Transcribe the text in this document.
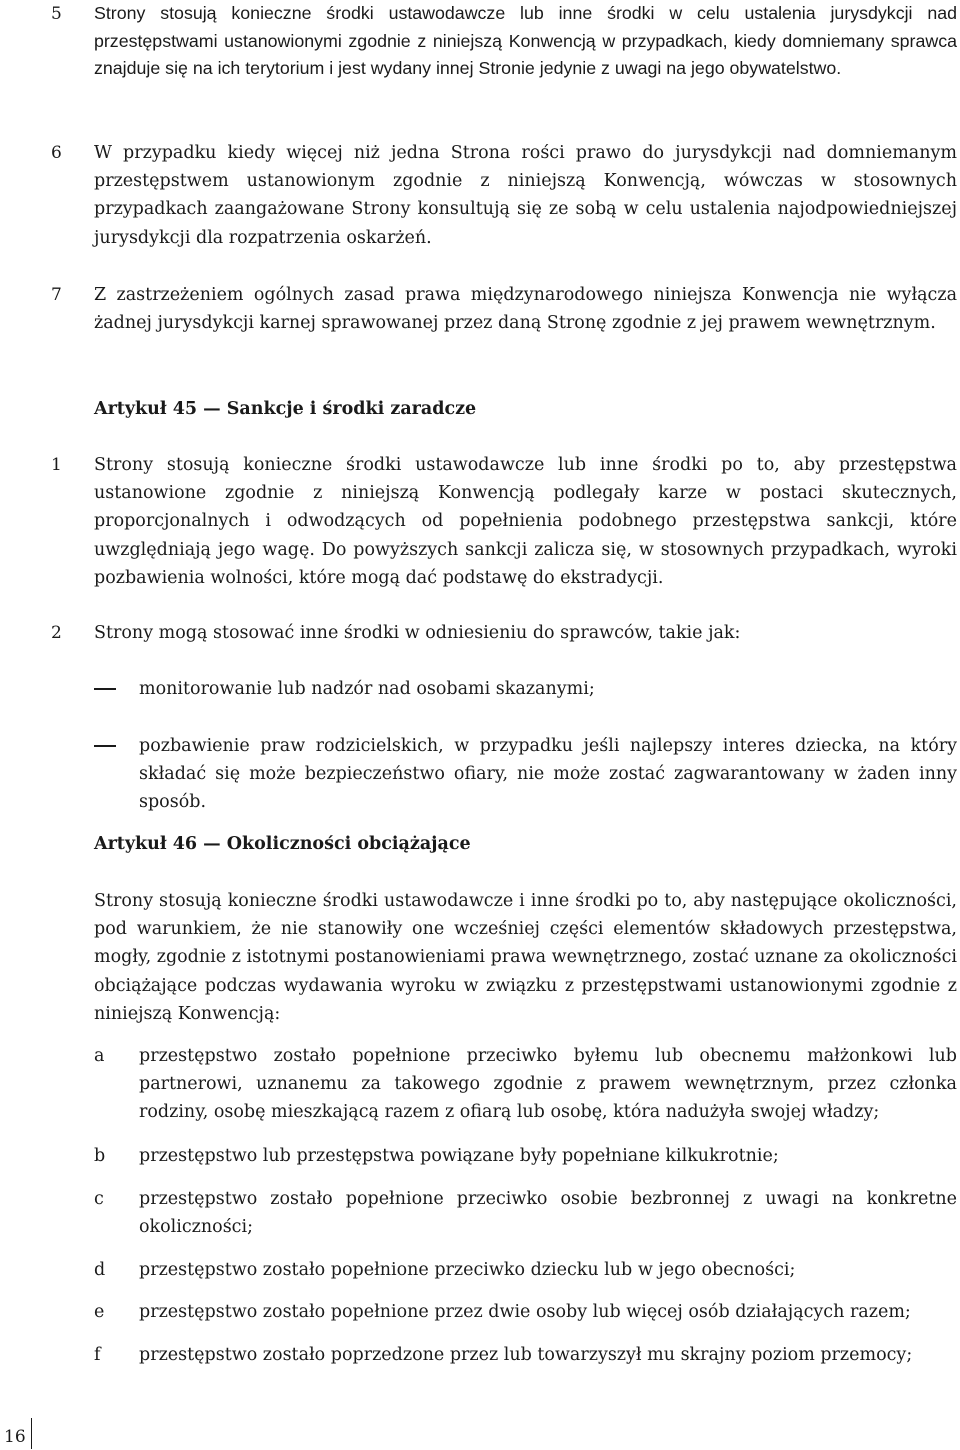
5 Strony stosują konieczne środki ustawodawcze lub inne środki w celu ustalenia jurysdykcji nad przestępstwami ustanowionymi zgodnie z niniejszą Konwencją w przypadkach, kiedy domniemany sprawca znajduje się na ich terytorium i jest wydany innej Stronie jedynie z uwagi na jego obywatelstwo.
6 W przypadku kiedy więcej niż jedna Strona rości prawo do jurysdykcji nad domniemanym przestępstwem ustanowionym zgodnie z niniejszą Konwencją, wówczas w stosownych przypadkach zaangażowane Strony konsultują się ze sobą w celu ustalenia najodpowiedniejszej jurysdykcji dla rozpatrzenia oskarżeń.
7 Z zastrzeżeniem ogólnych zasad prawa międzynarodowego niniejsza Konwencja nie wyłącza żadnej jurysdykcji karnej sprawowanej przez daną Stronę zgodnie z jej prawem wewnętrznym.
Artykuł 45 — Sankcje i środki zaradcze
1 Strony stosują konieczne środki ustawodawcze lub inne środki po to, aby przestępstwa ustanowione zgodnie z niniejszą Konwencją podlegały karze w postaci skutecznych, proporcjonalnych i odwodzących od popełnienia podobnego przestępstwa sankcji, które uwzględniają jego wagę. Do powyższych sankcji zalicza się, w stosownych przypadkach, wyroki pozbawienia wolności, które mogą dać podstawę do ekstradycji.
2 Strony mogą stosować inne środki w odniesieniu do sprawców, takie jak:
monitorowanie lub nadzór nad osobami skazanymi;
pozbawienie praw rodzicielskich, w przypadku jeśli najlepszy interes dziecka, na który składać się może bezpieczeństwo ofiary, nie może zostać zagwarantowany w żaden inny sposób.
Artykuł 46 — Okoliczności obciążające
Strony stosują konieczne środki ustawodawcze i inne środki po to, aby następujące okoliczności, pod warunkiem, że nie stanowiły one wcześniej części elementów składowych przestępstwa, mogły, zgodnie z istotnymi postanowieniami prawa wewnętrznego, zostać uznane za okoliczności obciążające podczas wydawania wyroku w związku z przestępstwami ustanowionymi zgodnie z niniejszą Konwencją:
a przestępstwo zostało popełnione przeciwko byłemu lub obecnemu małżonkowi lub partnerowi, uznanemu za takowego zgodnie z prawem wewnętrznym, przez członka rodziny, osobę mieszkającą razem z ofiarą lub osobę, która nadużyła swojej władzy;
b przestępstwo lub przestępstwa powiązane były popełniane kilkukrotnie;
c przestępstwo zostało popełnione przeciwko osobie bezbronnej z uwagi na konkretne okoliczności;
d przestępstwo zostało popełnione przeciwko dziecku lub w jego obecności;
e przestępstwo zostało popełnione przez dwie osoby lub więcej osób działających razem;
f przestępstwo zostało poprzedzone przez lub towarzyszył mu skrajny poziom przemocy;
16
